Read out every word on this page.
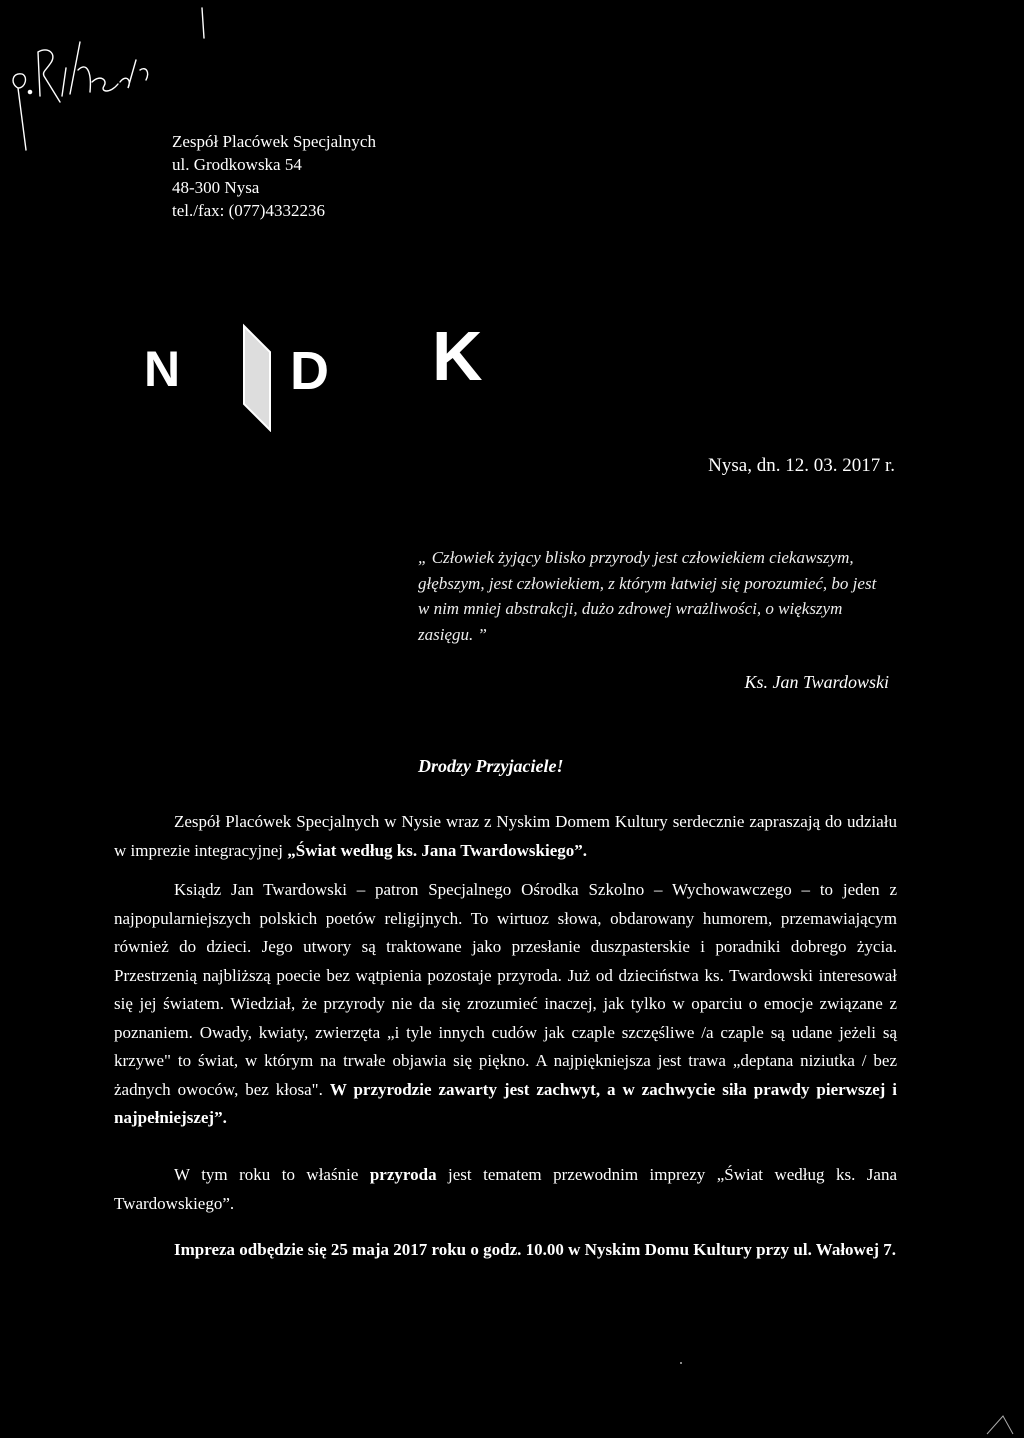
Zespół Placówek Specjalnych
ul. Grodkowska 54
48-300 Nysa
tel./fax: (077)4332236
N D K
Nysa, dn. 12. 03. 2017 r.
„ Człowiek żyjący blisko przyrody jest człowiekiem ciekawszym, głębszym, jest człowiekiem, z którym łatwiej się porozumieć, bo jest w nim mniej abstrakcji, dużo zdrowej wrażliwości, o większym zasięgu. ”
Ks. Jan Twardowski
Drodzy Przyjaciele!
Zespół Placówek Specjalnych w Nysie wraz z Nyskim Domem Kultury serdecznie zapraszają do udziału w imprezie integracyjnej „Świat według ks. Jana Twardowskiego”.
Ksiądz Jan Twardowski – patron Specjalnego Ośrodka Szkolno – Wychowawczego – to jeden z najpopularniejszych polskich poetów religijnych. To wirtuoz słowa, obdarowany humorem, przemawiającym również do dzieci. Jego utwory są traktowane jako przesłanie duszpasterskie i poradniki dobrego życia. Przestrzenią najbliższą poecie bez wątpienia pozostaje przyroda. Już od dzieciństwa ks. Twardowski interesował się jej światem. Wiedział, że przyrody nie da się zrozumieć inaczej, jak tylko w oparciu o emocje związane z poznaniem. Owady, kwiaty, zwierzęta „i tyle innych cudów jak czaple szczęśliwe /a czaple są udane jeżeli są krzywe" to świat, w którym na trwałe objawia się piękno. A najpiękniejsza jest trawa „deptana niziutka / bez żadnych owoców, bez kłosa". W przyrodzie zawarty jest zachwyt, a w zachwycie siła prawdy pierwszej i najpełniejszej”.
W tym roku to właśnie przyroda jest tematem przewodnim imprezy „Świat według ks. Jana Twardowskiego”.
Impreza odbędzie się 25 maja 2017 roku o godz. 10.00 w Nyskim Domu Kultury przy ul. Wałowej 7.
